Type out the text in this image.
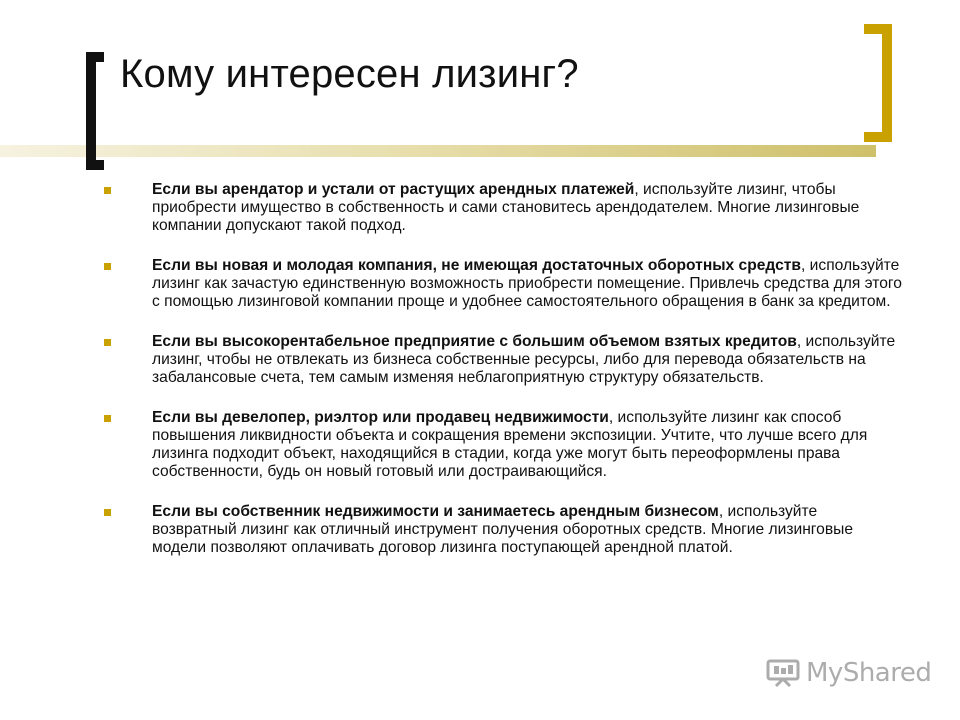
Кому интересен лизинг?
Если вы арендатор и устали от растущих арендных платежей, используйте лизинг, чтобы приобрести имущество в собственность и сами становитесь арендодателем. Многие лизинговые компании допускают такой подход.
Если вы новая и молодая компания, не имеющая достаточных оборотных средств, используйте лизинг как зачастую единственную возможность приобрести помещение. Привлечь средства для этого с помощью лизинговой компании проще и удобнее самостоятельного обращения в банк за кредитом.
Если вы высокорентабельное предприятие с большим объемом взятых кредитов, используйте лизинг, чтобы не отвлекать из бизнеса собственные ресурсы, либо для перевода обязательств на забалансовые счета, тем самым изменяя неблагоприятную структуру обязательств.
Если вы девелопер, риэлтор или продавец недвижимости, используйте лизинг как способ повышения ликвидности объекта и сокращения времени экспозиции. Учтите, что лучше всего для лизинга подходит объект, находящийся в стадии, когда уже могут быть переоформлены права собственности, будь он новый готовый или достраивающийся.
Если вы собственник недвижимости и занимаетесь арендным бизнесом, используйте возвратный лизинг как отличный инструмент получения оборотных средств. Многие лизинговые модели позволяют оплачивать договор лизинга поступающей арендной платой.
MyShared
